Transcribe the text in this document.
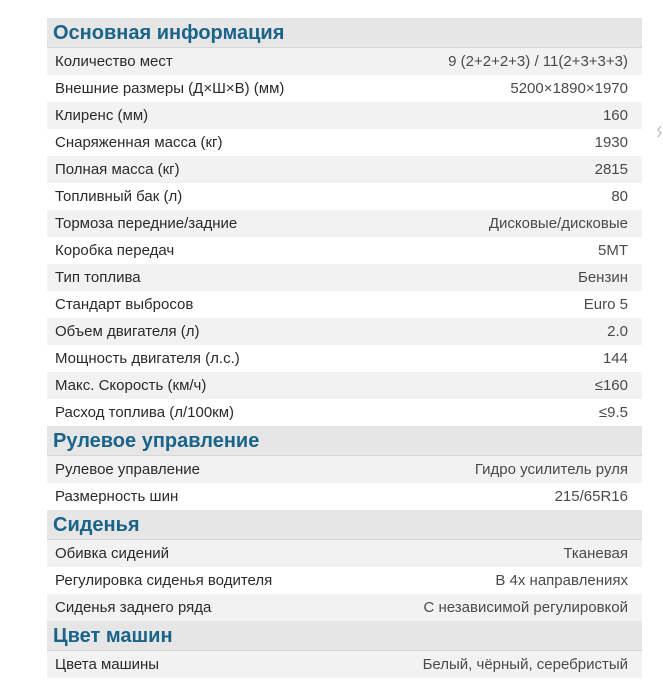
Основная информация
Количество мест	9 (2+2+2+3) / 11(2+3+3+3)
Внешние размеры (Д×Ш×В) (мм)	5200×1890×1970
Клиренс (мм)	160
Снаряженная масса (кг)	1930
Полная масса (кг)	2815
Топливный бак (л)	80
Тормоза передние/задние	Дисковые/дисковые
Коробка передач	5МТ
Тип топлива	Бензин
Стандарт выбросов	Euro 5
Объем двигателя (л)	2.0
Мощность двигателя (л.с.)	144
Макс. Скорость (км/ч)	≤160
Расход топлива (л/100км)	≤9.5
Рулевое управление
Рулевое управление	Гидро усилитель руля
Размерность шин	215/65R16
Сиденья
Обивка сидений	Тканевая
Регулировка сиденья водителя	В 4х направлениях
Сиденья заднего ряда	С независимой регулировкой
Цвет машин
Цвета машины	Белый, чёрный, серебристый
